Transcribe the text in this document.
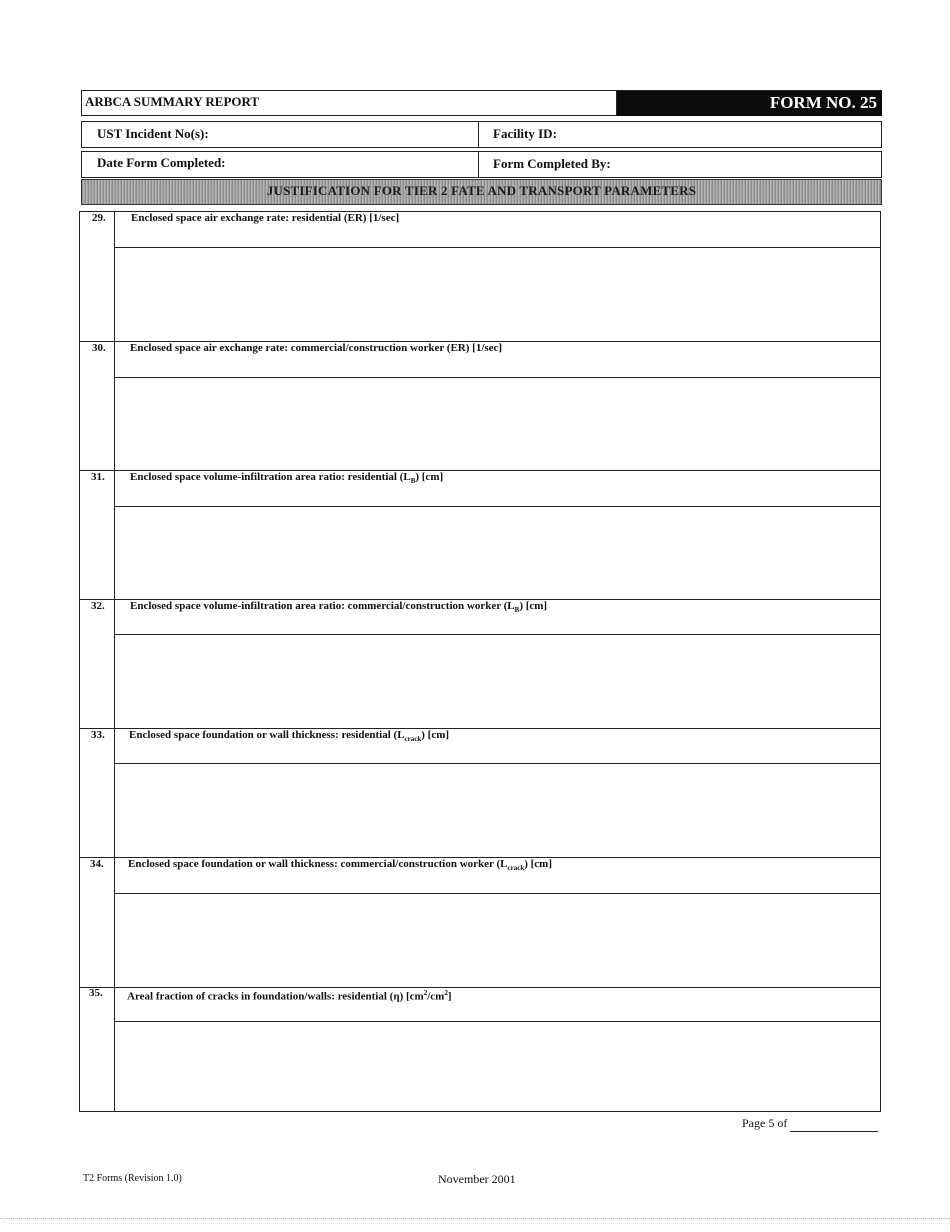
ARBCA SUMMARY REPORT	FORM NO. 25
UST Incident No(s):	Facility ID:
Date Form Completed:	Form Completed By:
JUSTIFICATION FOR TIER 2 FATE AND TRANSPORT PARAMETERS
29. Enclosed space air exchange rate: residential (ER) [1/sec]
30. Enclosed space air exchange rate: commercial/construction worker (ER) [1/sec]
31. Enclosed space volume-infiltration area ratio: residential $(L_B)$ [cm]
32. Enclosed space volume-infiltration area ratio: commercial/construction worker $(L_B)$ [cm]
33. Enclosed space foundation or wall thickness: residential $(L_{crack})$ [cm]
34. Enclosed space foundation or wall thickness: commercial/construction worker $(L_{crack})$ [cm]
35. Areal fraction of cracks in foundation/walls: residential (η) $[cm^2/cm^2]$
Page 5 of
T2 Forms (Revision 1.0)	November 2001
